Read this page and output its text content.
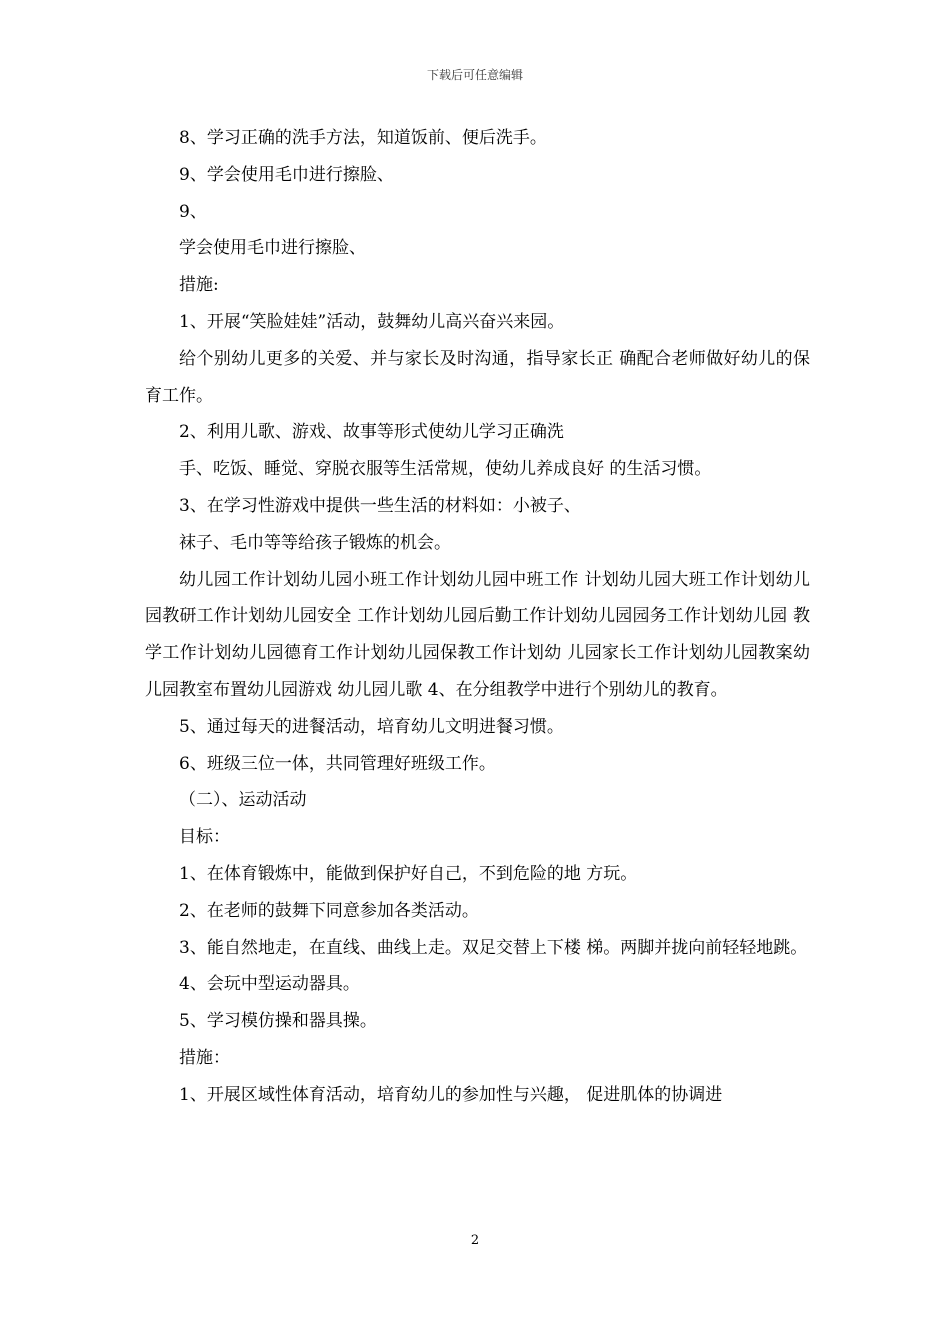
下载后可任意编辑

8、学习正确的洗手方法，知道饭前、便后洗手。

9、学会使用毛巾进行擦脸、

9、

学会使用毛巾进行擦脸、

措施:

1、开展“笑脸娃娃”活动，鼓舞幼儿高兴奋兴来园。

给个别幼儿更多的关爱、并与家长及时沟通，指导家长正 确配合老师做好幼儿的保育工作。

2、利用儿歌、游戏、故事等形式使幼儿学习正确洗

手、吃饭、睡觉、穿脱衣服等生活常规，使幼儿养成良好 的生活习惯。

3、在学习性游戏中提供一些生活的材料如：小被子、

袜子、毛巾等等给孩子锻炼的机会。

幼儿园工作计划幼儿园小班工作计划幼儿园中班工作 计划幼儿园大班工作计划幼儿园教研工作计划幼儿园安全 工作计划幼儿园后勤工作计划幼儿园园务工作计划幼儿园 教学工作计划幼儿园德育工作计划幼儿园保教工作计划幼 儿园家长工作计划幼儿园教案幼儿园教室布置幼儿园游戏 幼儿园儿歌 4、在分组教学中进行个别幼儿的教育。

5、通过每天的进餐活动，培育幼儿文明进餐习惯。

6、班级三位一体，共同管理好班级工作。

（二）、运动活动

目标：

1、在体育锻炼中，能做到保护好自己，不到危险的地 方玩。

2、在老师的鼓舞下同意参加各类活动。

3、能自然地走，在直线、曲线上走。双足交替上下楼 梯。两脚并拢向前轻轻地跳。

4、会玩中型运动器具。

5、学习模仿操和器具操。

措施：

1、开展区域性体育活动，培育幼儿的参加性与兴趣， 促进肌体的协调进

2
